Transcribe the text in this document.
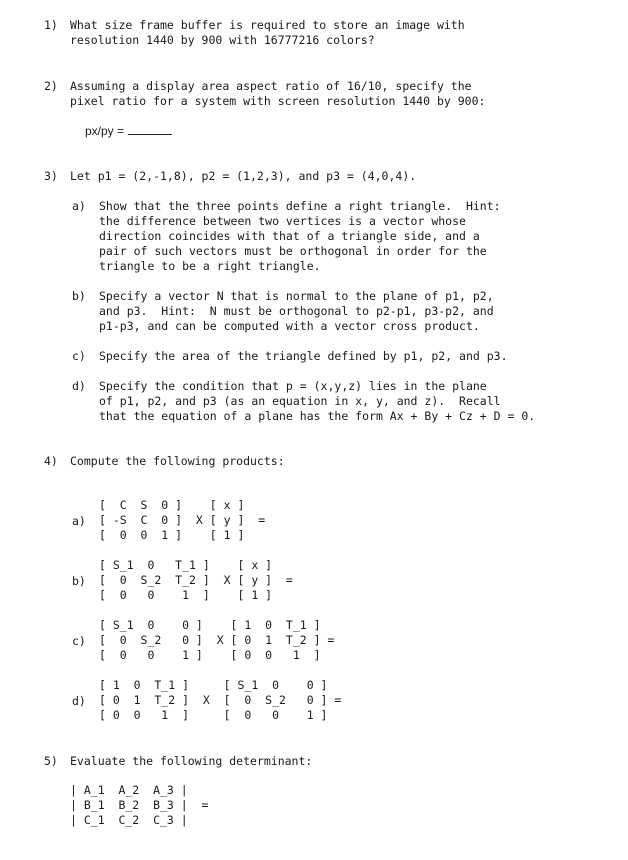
1) What size frame buffer is required to store an image with
resolution 1440 by 900 with 16777216 colors?
2) Assuming a display area aspect ratio of 16/10, specify the
pixel ratio for a system with screen resolution 1440 by 900:
px/py =
3) Let p1 = (2,-1,8), p2 = (1,2,3), and p3 = (4,0,4).
a) Show that the three points define a right triangle.  Hint:
the difference between two vertices is a vector whose
direction coincides with that of a triangle side, and a
pair of such vectors must be orthogonal in order for the
triangle to be a right triangle.
b) Specify a vector N that is normal to the plane of p1, p2,
and p3.  Hint:  N must be orthogonal to p2-p1, p3-p2, and
p1-p3, and can be computed with a vector cross product.
c) Specify the area of the triangle defined by p1, p2, and p3.
d) Specify the condition that p = (x,y,z) lies in the plane
of p1, p2, and p3 (as an equation in x, y, and z).  Recall
that the equation of a plane has the form Ax + By + Cz + D = 0.
4) Compute the following products:
a)
[  C  S  0 ]    [ x ]
[ -S  C  0 ]  X [ y ]  =
[  0  0  1 ]    [ 1 ]
b)
[ S_1  0   T_1 ]    [ x ]
[  0  S_2  T_2 ]  X [ y ]  =
[  0   0    1  ]    [ 1 ]
c)
[ S_1  0    0 ]    [ 1  0  T_1 ]
[  0  S_2   0 ]  X [ 0  1  T_2 ] =
[  0   0    1 ]    [ 0  0   1  ]
d)
[ 1  0  T_1 ]     [ S_1  0    0 ]
[ 0  1  T_2 ]  X  [  0  S_2   0 ] =
[ 0  0   1  ]     [  0   0    1 ]
5) Evaluate the following determinant:
| A_1  A_2  A_3 |
| B_1  B_2  B_3 |  =
| C_1  C_2  C_3 |
